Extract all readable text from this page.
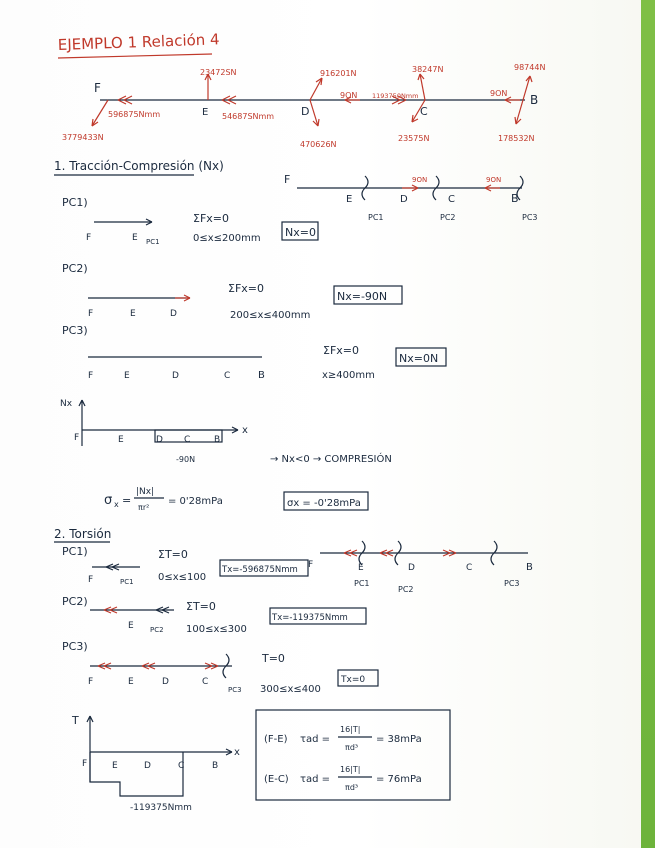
EJEMPLO 1 Relación 4
F
E	D	C
B
23472SN	916201N	38247N	98744N
9ON	9ON
1193750Nmm
54687SNmm
596875Nmm
3779433N
470626N
23575N	178532N
1. Tracción-Compresión (Nx)
F
E	D	C	B
PC1	PC2	PC3
9ON	9ON
PC1)
F	E PC1
ΣFx=0
0≤x≤200mm Nx=0
PC2)
F	E	D
ΣFx=0
200≤x≤400mm
Nx=-90N
PC3)
F	E	D	C	B
ΣFx=0
x≥400mm
Nx=0N
Nx
x
F	E	D C	B
-90N	→ Nx<0 → COMPRESIÓN
σ x =
|Nx|
πr²
= 0'28mPa	σx = -0'28mPa
2. Torsión
F	E	D	C	B
PC1
PC2
PC3
PC1)
F	PC1
ΣT=0
0≤x≤100
Tx=-596875Nmm
PC2)
E PC2
ΣT=0
100≤x≤300
Tx=-119375Nmm
PC3)
F	E	D	C
PC3
T=0
300≤x≤400
Tx=0
T
x
F	E	D	C	B
-119375Nmm
(F-E) τad =
16|T|
πd³
= 38mPa
(E-C) τad =
16|T|
πd³
= 76mPa
